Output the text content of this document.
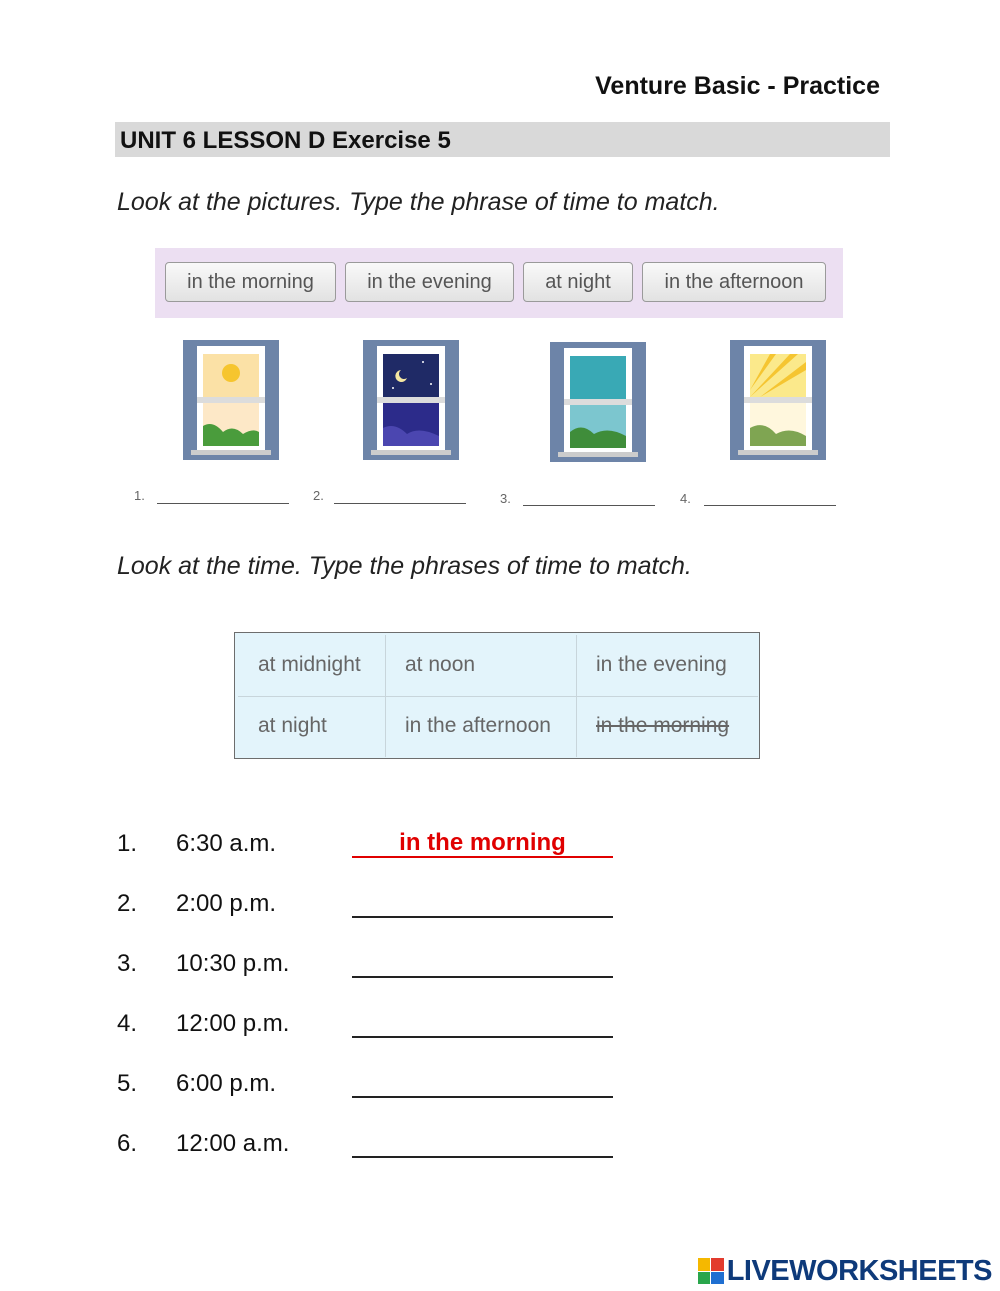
Venture Basic - Practice
UNIT 6 LESSON D Exercise 5
Look at the pictures. Type the phrase of time to match.
in the morning	in the evening	at night	in the afternoon
1.	2.	3.	4.
Look at the time. Type the phrases of time to match.
at midnight	at noon	in the evening
at night	in the afternoon	in the morning
1. 6:30 a.m.	in the morning
2. 2:00 p.m.
3. 10:30 p.m.
4. 12:00 p.m.
5. 6:00 p.m.
6. 12:00 a.m.
LIVEWORKSHEETS
